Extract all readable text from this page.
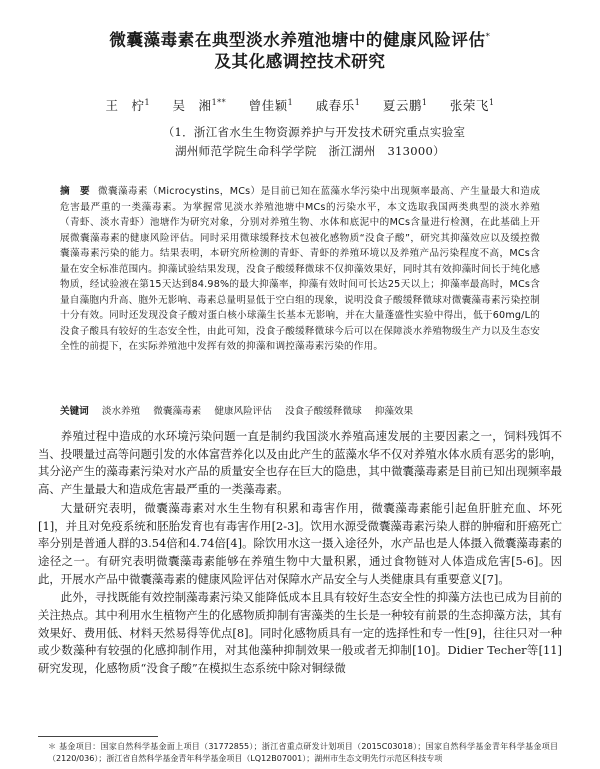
微囊藻毒素在典型淡水养殖池塘中的健康风险评估*
及其化感调控技术研究
王　柠$^1$ 吴　湘$^{1**}$ 曾佳颖$^1$ 戚春乐$^1$ 夏云鹏$^1$ 张荣飞$^1$
（1．浙江省水生生物资源养护与开发技术研究重点实验室
湖州师范学院生命科学学院　浙江湖州　313000）
摘　要 微囊藻毒素（Microcystins，MCs）是目前已知在蓝藻水华污染中出现频率最高、产生量最大和造成危害最严重的一类藻毒素。为掌握常见淡水养殖池塘中MCs的污染水平，本文选取我国两类典型的淡水养殖（青虾、淡水青虾）池塘作为研究对象，分别对养殖生物、水体和底泥中的MCs含量进行检测，在此基础上开展微囊藻毒素的健康风险评估。同时采用微球缓释技术包被化感物质“没食子酸”，研究其抑藻效应以及缓控微囊藻毒素污染的能力。结果表明，本研究所检测的青虾、青虾的养殖环境以及养殖产品污染程度不高，MCs含量在安全标准范围内。抑藻试验结果发现，没食子酸缓释微球不仅抑藻效果好，同时其有效抑藻时间长于纯化感物质，经试验液在第15天达到84.98%的最大抑藻率，抑藻有效时间可长达25天以上；抑藻率最高时，MCs含量自藻胞内升高、胞外无影响、毒素总量明显低于空白组的现象，说明没食子酸缓释微球对微囊藻毒素污染控制十分有效。同时还发现没食子酸对蛋白核小球藻生长基本无影响，并在大量蓬盛性实验中得出，低于60mg/L的没食子酸具有较好的生态安全性，由此可知，没食子酸缓释微球今后可以在保障淡水养殖物级生产力以及生态安全性的前提下，在实际养殖池中发挥有效的抑藻和调控藻毒素污染的作用。
关键词 淡水养殖 微囊藻毒素 健康风险评估 没食子酸缓释微球 抑藻效果

养殖过程中造成的水环境污染问题一直是制约我国淡水养殖高速发展的主要因素之一，饲料残饵不当、投喂量过高等问题引发的水体富营养化以及由此产生的蓝藻水华不仅对养殖水体水质有恶劣的影响，其分泌产生的藻毒素污染对水产品的质量安全也存在巨大的隐患，其中微囊藻毒素是目前已知出现频率最高、产生量最大和造成危害最严重的一类藻毒素。

大量研究表明，微囊藻毒素对水生生物有积累和毒害作用，微囊藻毒素能引起鱼肝脏充血、坏死[1]，并且对免疫系统和胚胎发育也有毒害作用[2-3]。饮用水源受微囊藻毒素污染人群的肿瘤和肝癌死亡率分别是普通人群的3.54倍和4.74倍[4]。除饮用水这一摄入途径外，水产品也是人体摄入微囊藻毒素的途径之一。有研究表明微囊藻毒素能够在养殖生物中大量积累，通过食物链对人体造成危害[5-6]。因此，开展水产品中微囊藻毒素的健康风险评估对保障水产品安全与人类健康具有重要意义[7]。

此外，寻找既能有效控制藻毒素污染又能降低成本且具有较好生态安全性的抑藻方法也已成为目前的关注热点。其中利用水生植物产生的化感物质抑制有害藻类的生长是一种较有前景的生态抑藻方法，其有效果好、费用低、材料天然易得等优点[8]。同时化感物质具有一定的选择性和专一性[9]，往往只对一种或少数藻种有较强的化感抑制作用，对其他藻种抑制效果一般或者无抑制[10]。Didier Techer等[11]研究发现，化感物质“没食子酸”在模拟生态系统中除对铜绿微

＊ 基金项目：国家自然科学基金面上项目（31772855）；浙江省重点研发计划项目（2015C03018）；国家自然科学基金青年科学基金项目（2120/036）；浙江省自然科学基金青年科学基金项目（LQ12B07001）；湖州市生态文明先行示范区科技专项
